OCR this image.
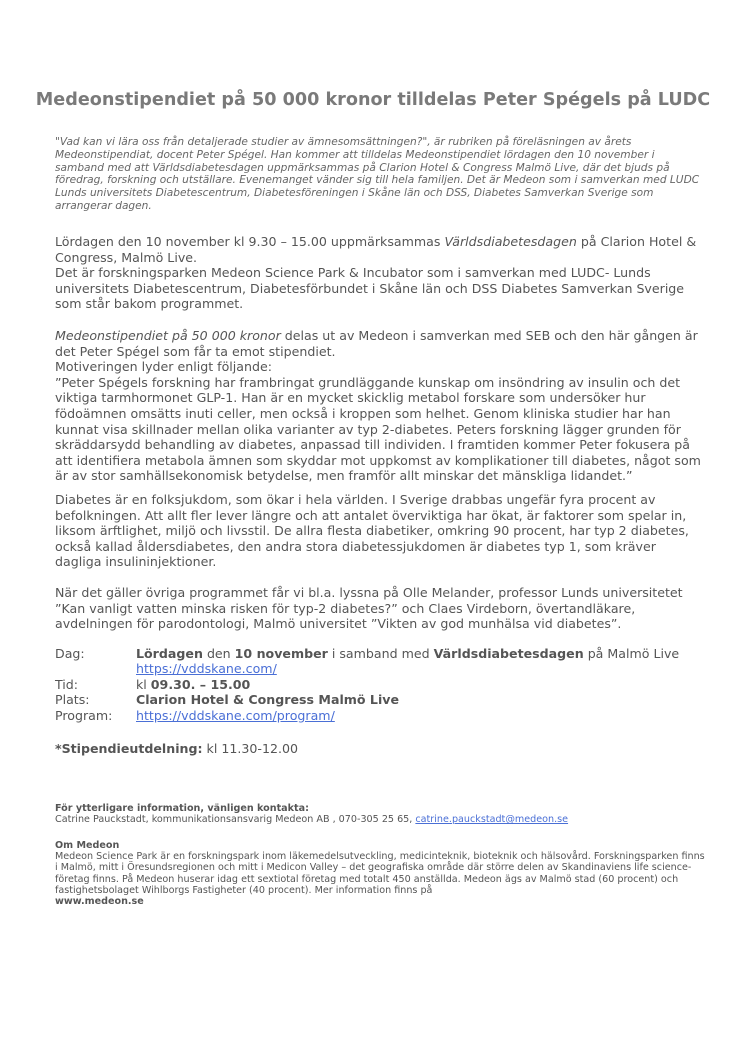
Medeonstipendiet på 50 000 kronor tilldelas Peter Spégels på LUDC

"Vad kan vi lära oss från detaljerade studier av ämnesomsättningen?", är rubriken på föreläsningen av årets Medeonstipendiat, docent Peter Spégel. Han kommer att tilldelas Medeonstipendiet lördagen den 10 november i samband med att Världsdiabetesdagen uppmärksammas på Clarion Hotel & Congress Malmö Live, där det bjuds på föredrag, forskning och utställare. Evenemanget vänder sig till hela familjen. Det är Medeon som i samverkan med LUDC Lunds universitets Diabetescentrum, Diabetesföreningen i Skåne län och DSS, Diabetes Samverkan Sverige som arrangerar dagen.

Lördagen den 10 november kl 9.30 – 15.00 uppmärksammas Världsdiabetesdagen på Clarion Hotel & Congress, Malmö Live.

Det är forskningsparken Medeon Science Park & Incubator som i samverkan med LUDC- Lunds universitets Diabetescentrum, Diabetesförbundet i Skåne län och DSS Diabetes Samverkan Sverige som står bakom programmet.

Medeonstipendiet på 50 000 kronor delas ut av Medeon i samverkan med SEB och den här gången är det Peter Spégel som får ta emot stipendiet.

Motiveringen lyder enligt följande:

”Peter Spégels forskning har frambringat grundläggande kunskap om insöndring av insulin och det viktiga tarmhormonet GLP-1. Han är en mycket skicklig metabol forskare som undersöker hur födoämnen omsätts inuti celler, men också i kroppen som helhet. Genom kliniska studier har han kunnat visa skillnader mellan olika varianter av typ 2-diabetes. Peters forskning lägger grunden för skräddarsydd behandling av diabetes, anpassad till individen. I framtiden kommer Peter fokusera på att identifiera metabola ämnen som skyddar mot uppkomst av komplikationer till diabetes, något som är av stor samhällsekonomisk betydelse, men framför allt minskar det mänskliga lidandet.”

Diabetes är en folksjukdom, som ökar i hela världen. I Sverige drabbas ungefär fyra procent av befolkningen. Att allt fler lever längre och att antalet överviktiga har ökat, är faktorer som spelar in, liksom ärftlighet, miljö och livsstil. De allra flesta diabetiker, omkring 90 procent, har typ 2 diabetes, också kallad åldersdiabetes, den andra stora diabetessjukdomen är diabetes typ 1, som kräver dagliga insulininjektioner.

När det gäller övriga programmet får vi bl.a. lyssna på Olle Melander, professor Lunds universitetet ”Kan vanligt vatten minska risken för typ-2 diabetes?” och Claes Virdeborn, övertandläkare, avdelningen för parodontologi, Malmö universitet ”Vikten av god munhälsa vid diabetes”.

Dag:	Lördagen den 10 november i samband med Världsdiabetesdagen på Malmö Live
https://vddskane.com/
Tid:	kl 09.30. – 15.00
Plats:	Clarion Hotel & Congress Malmö Live
Program: https://vddskane.com/program/
*Stipendieutdelning: kl 11.30-12.00
För ytterligare information, vänligen kontakta:
Catrine Pauckstadt, kommunikationsansvarig Medeon AB , 070-305 25 65, catrine.pauckstadt@medeon.se
Om Medeon
Medeon Science Park är en forskningspark inom läkemedelsutveckling, medicinteknik, bioteknik och hälsovård. Forskningsparken finns i Malmö, mitt i Öresundsregionen och mitt i Medicon Valley – det geografiska område där större delen av Skandinaviens life science-företag finns. På Medeon huserar idag ett sextiotal företag med totalt 450 anställda. Medeon ägs av Malmö stad (60 procent) och fastighetsbolaget Wihlborgs Fastigheter (40 procent). Mer information finns på
www.medeon.se
